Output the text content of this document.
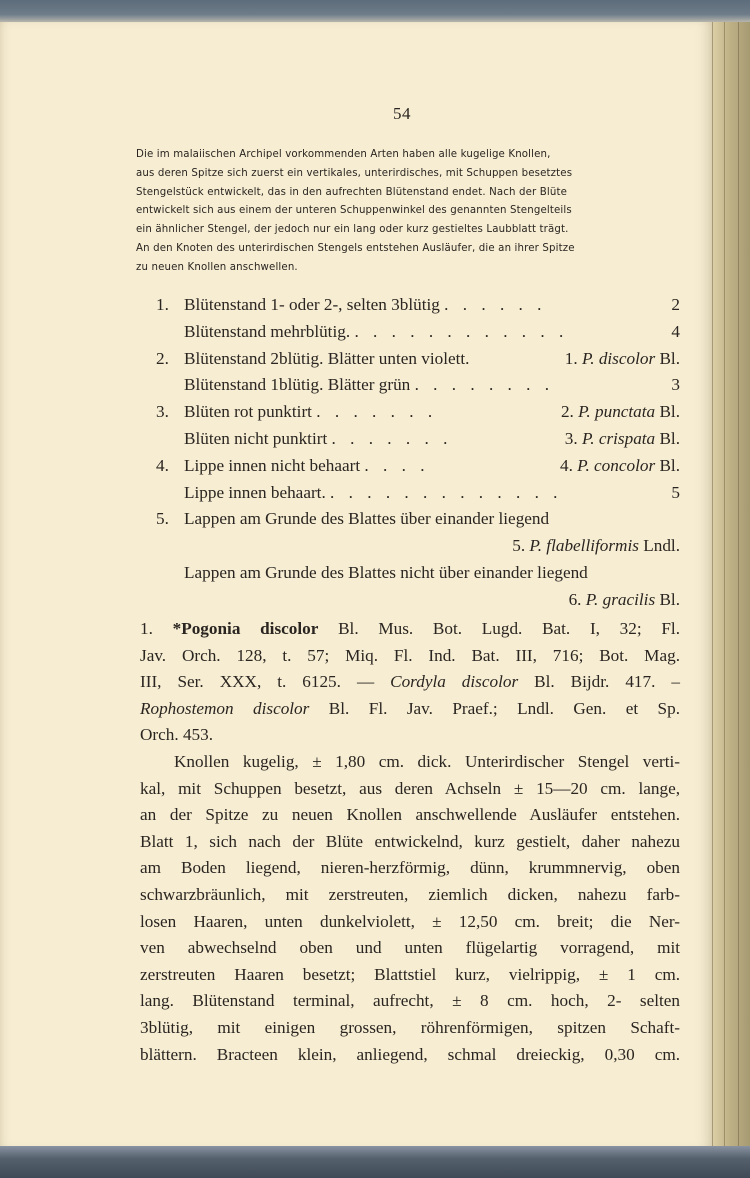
54
Die im malaiischen Archipel vorkommenden Arten haben alle kugelige Knollen,
aus deren Spitze sich zuerst ein vertikales, unterirdisches, mit Schuppen besetztes
Stengelstück entwickelt, das in den aufrechten Blütenstand endet. Nach der Blüte
entwickelt sich aus einem der unteren Schuppenwinkel des genannten Stengelteils
ein ähnlicher Stengel, der jedoch nur ein lang oder kurz gestieltes Laubblatt trägt.
An den Knoten des unterirdischen Stengels entstehen Ausläufer, die an ihrer Spitze
zu neuen Knollen anschwellen.
1. Blütenstand 1- oder 2-, selten 3blütig . . . . . .	2
Blütenstand mehrblütig. . . . . . . . . . . . .	4
2. Blütenstand 2blütig. Blätter unten violett.	1. P. discolor Bl.
Blütenstand 1blütig. Blätter grün . . . . . . . .	3
3. Blüten rot punktirt . . . . . . .	2. P. punctata Bl.
Blüten nicht punktirt . . . . . . .	3. P. crispata Bl.
4. Lippe innen nicht behaart . . . .	4. P. concolor Bl.
Lippe innen behaart. . . . . . . . . . . . . .	5
5. Lappen am Grunde des Blattes über einander liegend
5. P. flabelliformis Lndl.
Lappen am Grunde des Blattes nicht über einander liegend
6. P. gracilis Bl.
1. *Pogonia discolor Bl. Mus. Bot. Lugd. Bat. I, 32; Fl.
Jav. Orch. 128, t. 57; Miq. Fl. Ind. Bat. III, 716; Bot. Mag.
III, Ser. XXX, t. 6125. — Cordyla discolor Bl. Bijdr. 417. –
Rophostemon discolor Bl. Fl. Jav. Praef.; Lndl. Gen. et Sp.
Orch. 453.
Knollen kugelig, ± 1,80 cm. dick. Unterirdischer Stengel verti-
kal, mit Schuppen besetzt, aus deren Achseln ± 15—20 cm. lange,
an der Spitze zu neuen Knollen anschwellende Ausläufer entstehen.
Blatt 1, sich nach der Blüte entwickelnd, kurz gestielt, daher nahezu
am Boden liegend, nieren-herzförmig, dünn, krummnervig, oben
schwarzbräunlich, mit zerstreuten, ziemlich dicken, nahezu farb-
losen Haaren, unten dunkelviolett, ± 12,50 cm. breit; die Ner-
ven abwechselnd oben und unten flügelartig vorragend, mit
zerstreuten Haaren besetzt; Blattstiel kurz, vielrippig, ± 1 cm.
lang. Blütenstand terminal, aufrecht, ± 8 cm. hoch, 2- selten
3blütig, mit einigen grossen, röhrenförmigen, spitzen Schaft-
blättern. Bracteen klein, anliegend, schmal dreieckig, 0,30 cm.
